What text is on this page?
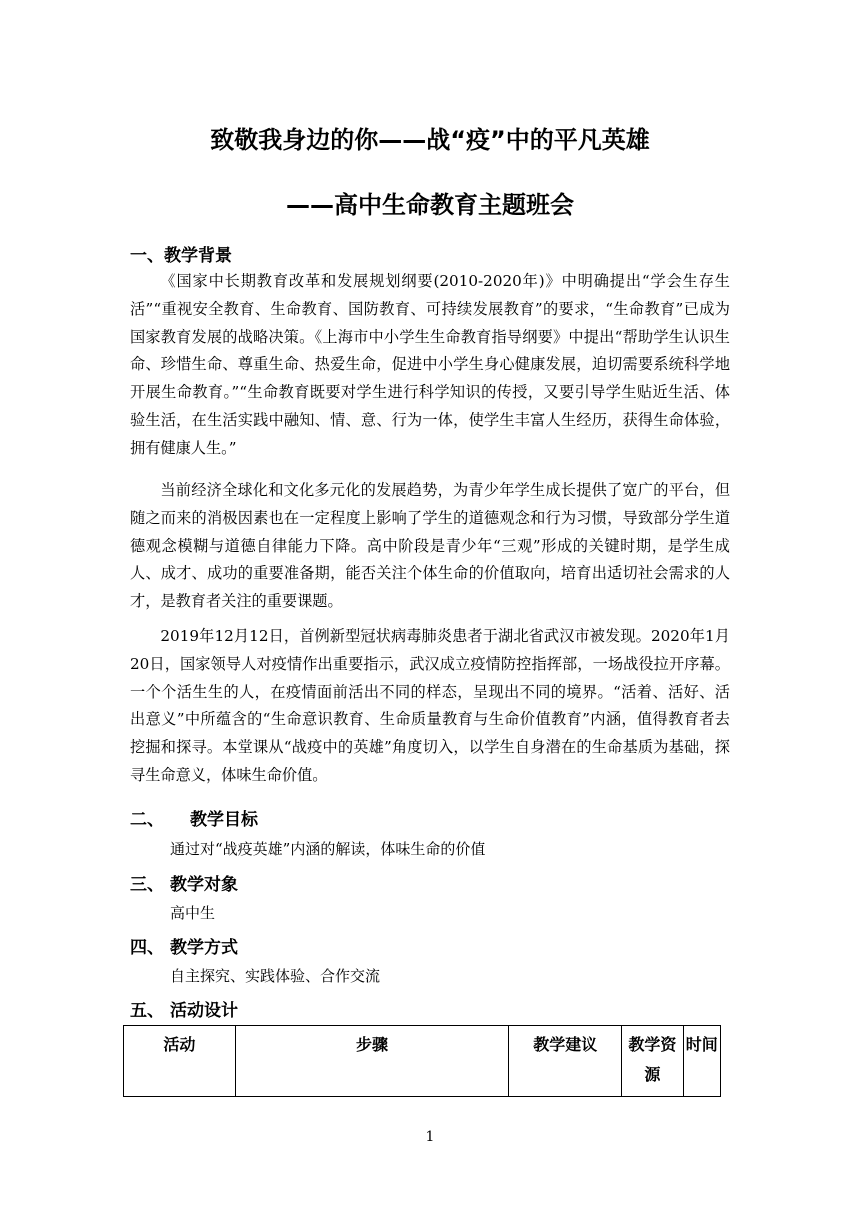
致敬我身边的你——战“疫”中的平凡英雄
——高中生命教育主题班会
一、教学背景

《国家中长期教育改革和发展规划纲要(2010-2020年)》中明确提出“学会生存生活”“重视安全教育、生命教育、国防教育、可持续发展教育”的要求，“生命教育”已成为国家教育发展的战略决策。《上海市中小学生生命教育指导纲要》中提出“帮助学生认识生命、珍惜生命、尊重生命、热爱生命，促进中小学生身心健康发展，迫切需要系统科学地开展生命教育。”“生命教育既要对学生进行科学知识的传授，又要引导学生贴近生活、体验生活，在生活实践中融知、情、意、行为一体，使学生丰富人生经历，获得生命体验，拥有健康人生。”

当前经济全球化和文化多元化的发展趋势，为青少年学生成长提供了宽广的平台，但随之而来的消极因素也在一定程度上影响了学生的道德观念和行为习惯，导致部分学生道德观念模糊与道德自律能力下降。高中阶段是青少年“三观”形成的关键时期，是学生成人、成才、成功的重要准备期，能否关注个体生命的价值取向，培育出适切社会需求的人才，是教育者关注的重要课题。

2019年12月12日，首例新型冠状病毒肺炎患者于湖北省武汉市被发现。2020年1月20日，国家领导人对疫情作出重要指示，武汉成立疫情防控指挥部，一场战役拉开序幕。一个个活生生的人，在疫情面前活出不同的样态，呈现出不同的境界。“活着、活好、活出意义”中所蕴含的“生命意识教育、生命质量教育与生命价值教育”内涵，值得教育者去挖掘和探寻。本堂课从“战疫中的英雄”角度切入，以学生自身潜在的生命基质为基础，探寻生命意义，体味生命价值。

二、 教学目标
通过对“战疫英雄”内涵的解读，体味生命的价值
三、 教学对象
高中生
四、 教学方式
自主探究、实践体验、合作交流
五、 活动设计
活动	步骤	教学建议	教学资源	时间
1
